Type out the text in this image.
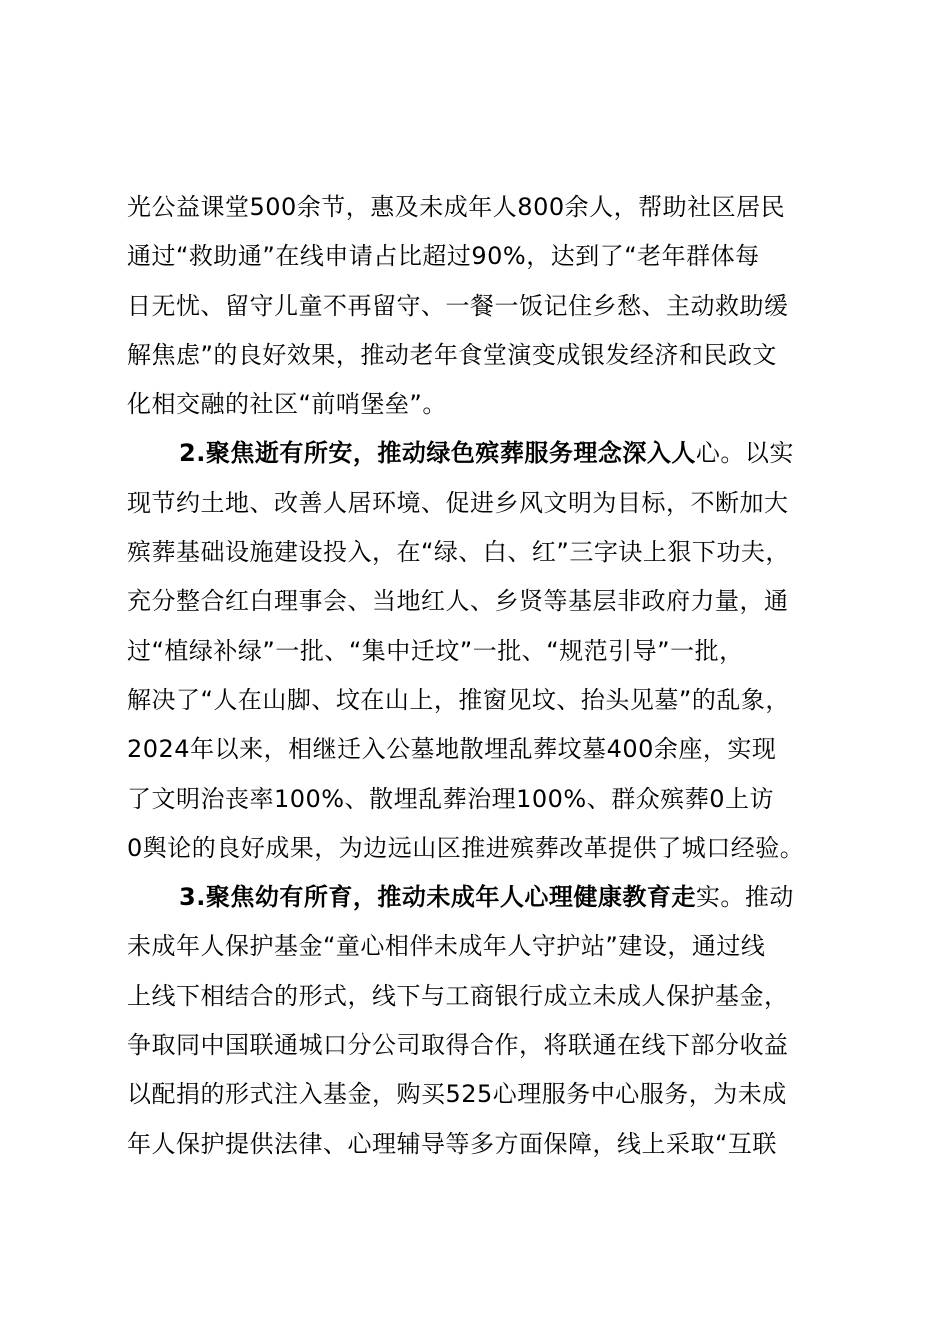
光公益课堂500余节，惠及未成年人800余人，帮助社区居民
通过“救助通”在线申请占比超过90%，达到了“老年群体每
日无忧、留守儿童不再留守、一餐一饭记住乡愁、主动救助缓
解焦虑”的良好效果，推动老年食堂演变成银发经济和民政文
化相交融的社区“前哨堡垒”。
2.聚焦逝有所安，推动绿色殡葬服务理念深入人心。以实
现节约土地、改善人居环境、促进乡风文明为目标，不断加大
殡葬基础设施建设投入，在“绿、白、红”三字诀上狠下功夫，
充分整合红白理事会、当地红人、乡贤等基层非政府力量，通
过“植绿补绿”一批、“集中迁坟”一批、“规范引导”一批，
解决了“人在山脚、坟在山上，推窗见坟、抬头见墓”的乱象，
2024年以来，相继迁入公墓地散埋乱葬坟墓400余座，实现
了文明治丧率100%、散埋乱葬治理100%、群众殡葬0上访
0舆论的良好成果，为边远山区推进殡葬改革提供了城口经验。
3.聚焦幼有所育，推动未成年人心理健康教育走实。推动
未成年人保护基金“童心相伴未成年人守护站”建设，通过线
上线下相结合的形式，线下与工商银行成立未成人保护基金，
争取同中国联通城口分公司取得合作，将联通在线下部分收益
以配捐的形式注入基金，购买525心理服务中心服务，为未成
年人保护提供法律、心理辅导等多方面保障，线上采取“互联
